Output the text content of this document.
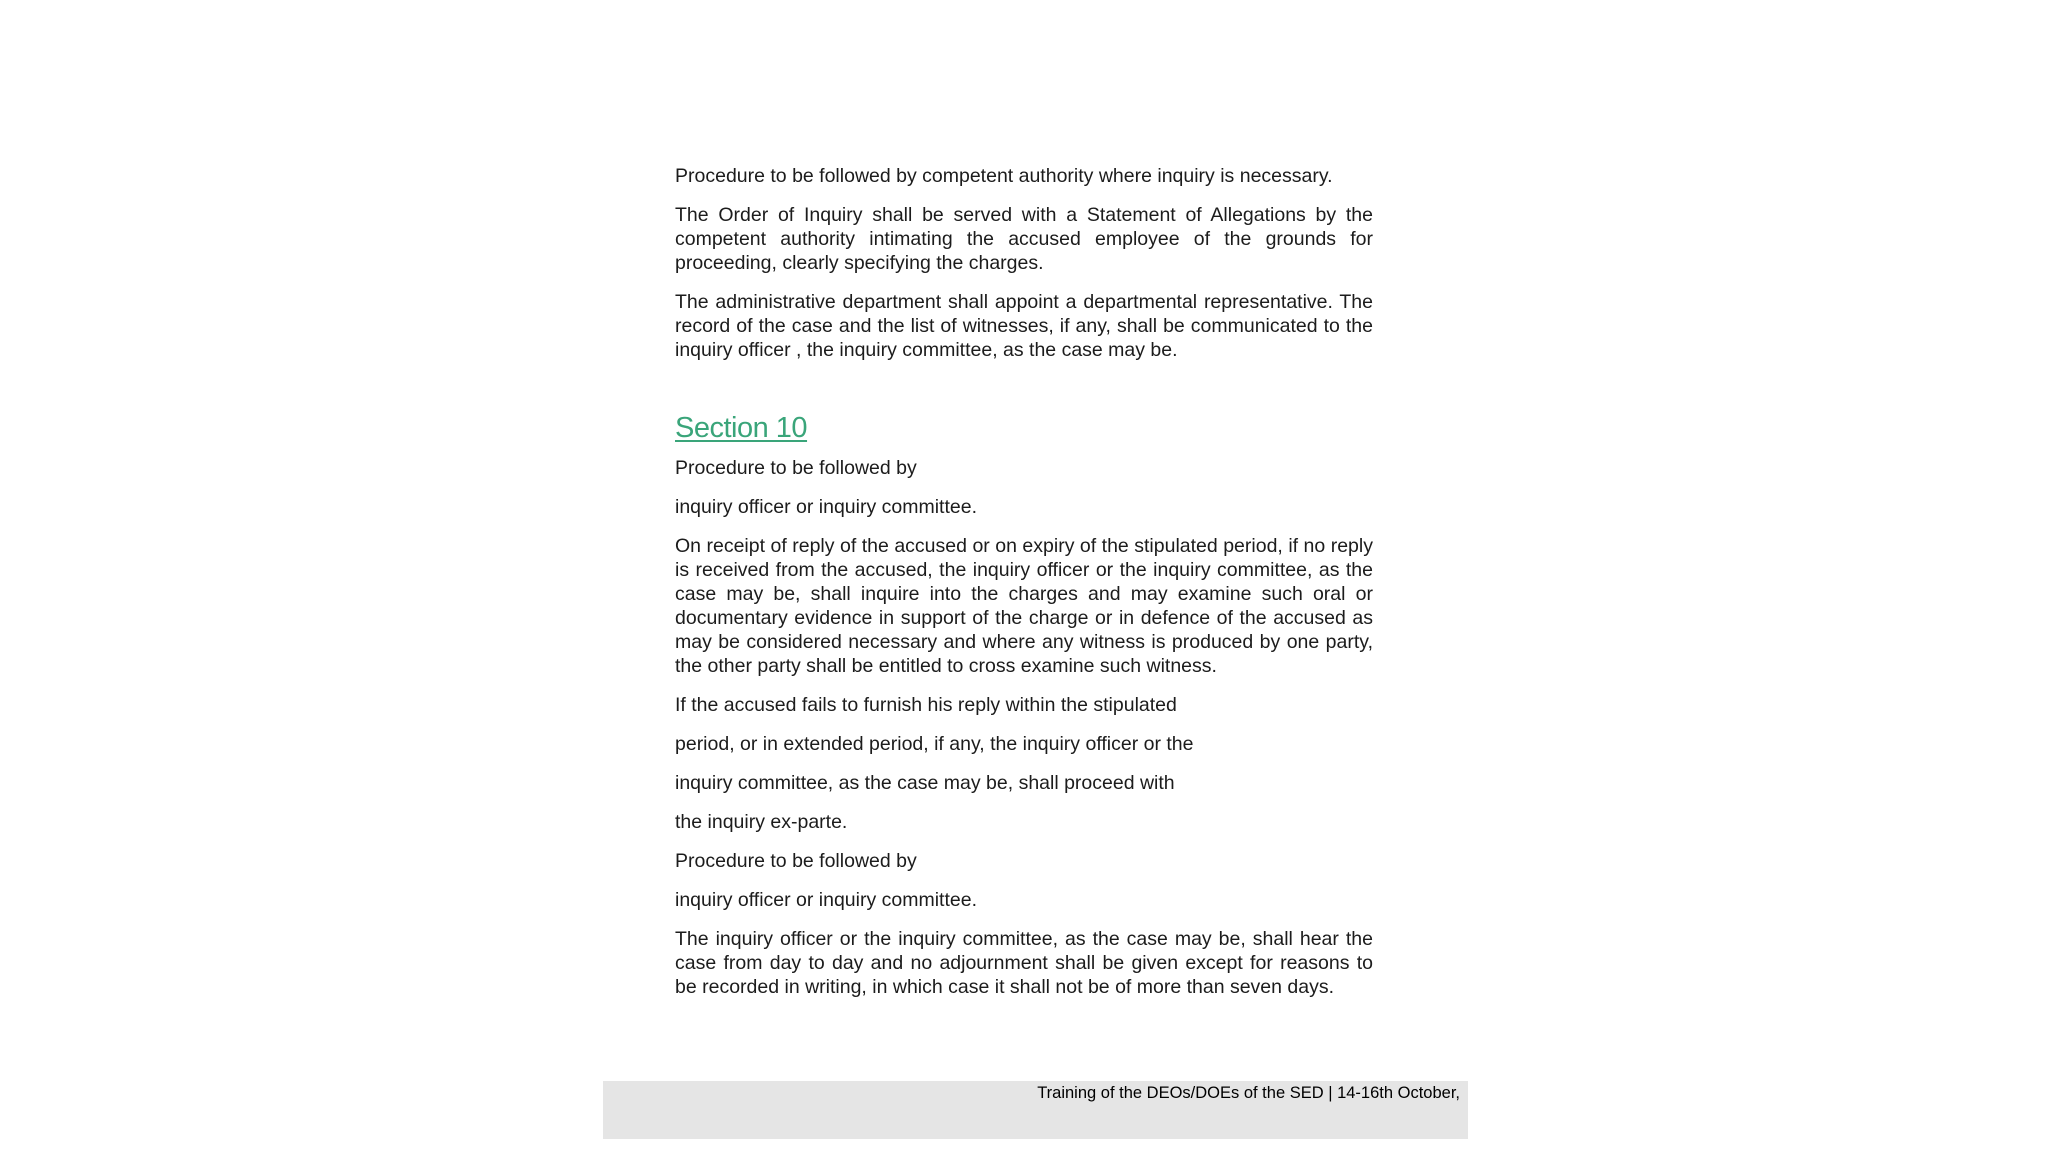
Procedure to be followed by competent authority where inquiry is necessary.

The Order of Inquiry shall be served with a Statement of Allegations by the competent authority intimating the accused employee of the grounds for proceeding, clearly specifying the charges.

The administrative department shall appoint a departmental representative. The record of the case and the list of witnesses, if any, shall be communicated to the inquiry officer , the inquiry committee, as the case may be.

Section 10

Procedure to be followed by

inquiry officer or inquiry committee.

On receipt of reply of the accused or on expiry of the stipulated period, if no reply is received from the accused, the inquiry officer or the inquiry committee, as the case may be, shall inquire into the charges and may examine such oral or documentary evidence in support of the charge or in defence of the accused as may be considered necessary and where any witness is produced by one party, the other party shall be entitled to cross examine such witness.

If the accused fails to furnish his reply within the stipulated

period, or in extended period, if any, the inquiry officer or the

inquiry committee, as the case may be, shall proceed with

the inquiry ex-parte.

Procedure to be followed by

inquiry officer or inquiry committee.

The inquiry officer or the inquiry committee, as the case may be, shall hear the case from day to day and no adjournment shall be given except for reasons to be recorded in writing, in which case it shall not be of more than seven days.

Training of the DEOs/DOEs of the SED | 14-16th October,
